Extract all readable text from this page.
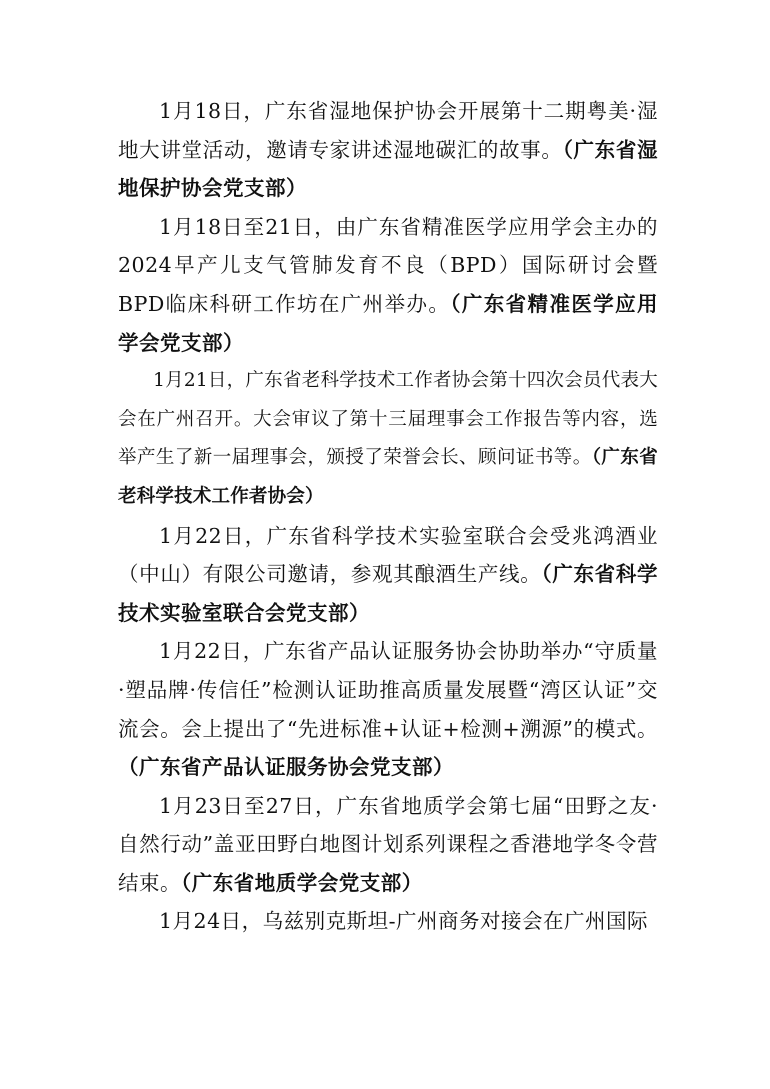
1月18日，广东省湿地保护协会开展第十二期粤美·湿地大讲堂活动，邀请专家讲述湿地碳汇的故事。（广东省湿地保护协会党支部）

1月18日至21日，由广东省精准医学应用学会主办的2024早产儿支气管肺发育不良（BPD）国际研讨会暨BPD临床科研工作坊在广州举办。（广东省精准医学应用学会党支部）

1月21日，广东省老科学技术工作者协会第十四次会员代表大会在广州召开。大会审议了第十三届理事会工作报告等内容，选举产生了新一届理事会，颁授了荣誉会长、顾问证书等。（广东省老科学技术工作者协会）

1月22日，广东省科学技术实验室联合会受兆鸿酒业（中山）有限公司邀请，参观其酿酒生产线。（广东省科学技术实验室联合会党支部）

1月22日，广东省产品认证服务协会协助举办“守质量·塑品牌·传信任”检测认证助推高质量发展暨“湾区认证”交流会。会上提出了“先进标准+认证+检测+溯源”的模式。（广东省产品认证服务协会党支部）

1月23日至27日，广东省地质学会第七届“田野之友·自然行动”盖亚田野白地图计划系列课程之香港地学冬令营结束。（广东省地质学会党支部）

1月24日，乌兹别克斯坦-广州商务对接会在广州国际
